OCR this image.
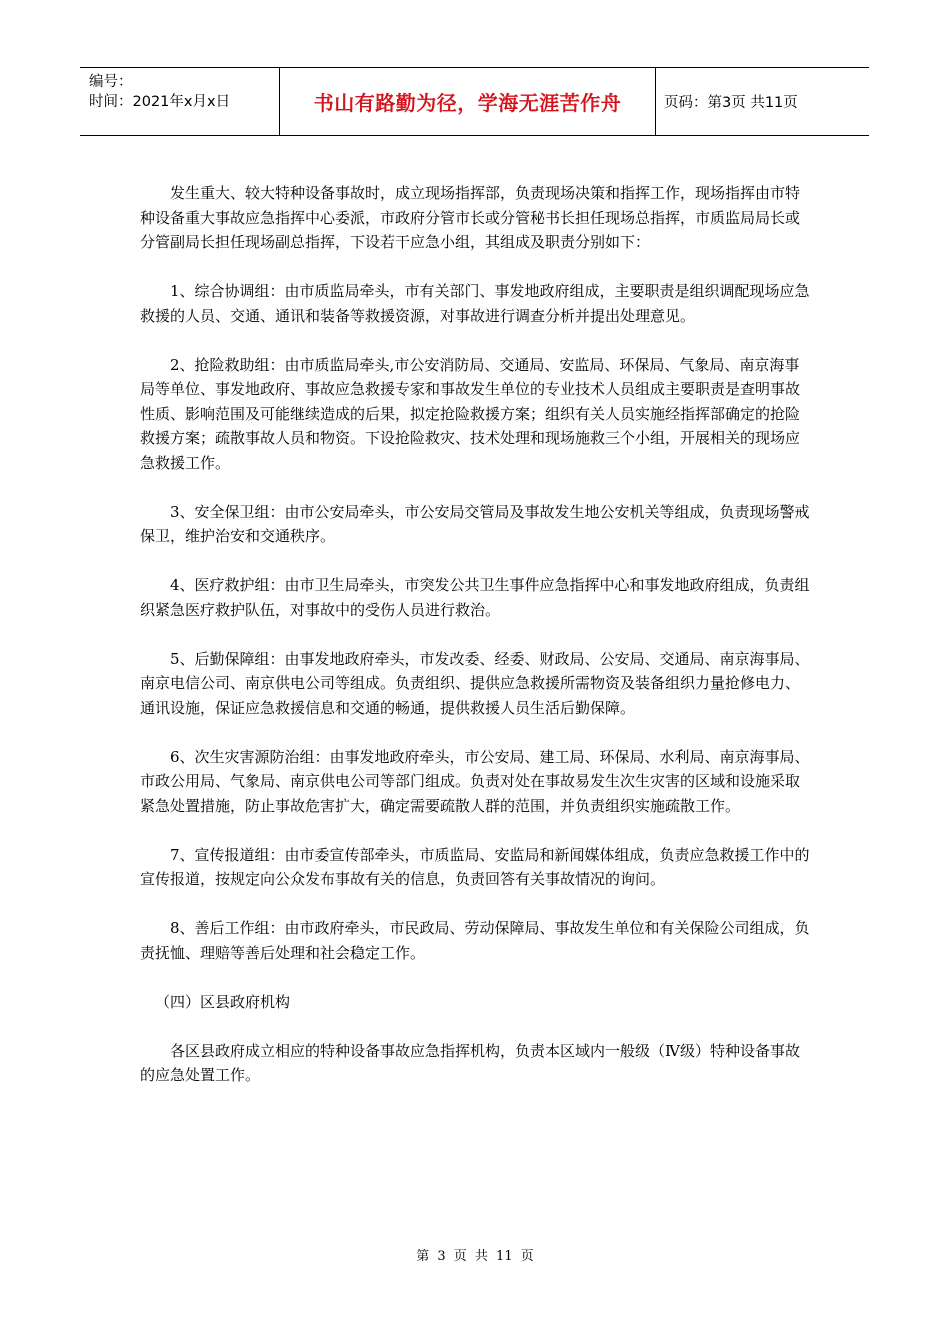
编号：
时间：2021年x月x日	书山有路勤为径，学海无涯苦作舟	页码：第3页 共11页

发生重大、较大特种设备事故时，成立现场指挥部，负责现场决策和指挥工作，现场指挥由市特种设备重大事故应急指挥中心委派，市政府分管市长或分管秘书长担任现场总指挥，市质监局局长或分管副局长担任现场副总指挥，下设若干应急小组，其组成及职责分别如下：

1、综合协调组：由市质监局牵头，市有关部门、事发地政府组成，主要职责是组织调配现场应急救援的人员、交通、通讯和装备等救援资源，对事故进行调查分析并提出处理意见。

2、抢险救助组：由市质监局牵头,市公安消防局、交通局、安监局、环保局、气象局、南京海事局等单位、事发地政府、事故应急救援专家和事故发生单位的专业技术人员组成主要职责是查明事故性质、影响范围及可能继续造成的后果，拟定抢险救援方案；组织有关人员实施经指挥部确定的抢险救援方案；疏散事故人员和物资。下设抢险救灾、技术处理和现场施救三个小组，开展相关的现场应急救援工作。

3、安全保卫组：由市公安局牵头，市公安局交管局及事故发生地公安机关等组成，负责现场警戒保卫，维护治安和交通秩序。

4、医疗救护组：由市卫生局牵头，市突发公共卫生事件应急指挥中心和事发地政府组成，负责组织紧急医疗救护队伍，对事故中的受伤人员进行救治。

5、后勤保障组：由事发地政府牵头，市发改委、经委、财政局、公安局、交通局、南京海事局、南京电信公司、南京供电公司等组成。负责组织、提供应急救援所需物资及装备组织力量抢修电力、通讯设施，保证应急救援信息和交通的畅通，提供救援人员生活后勤保障。

6、次生灾害源防治组：由事发地政府牵头，市公安局、建工局、环保局、水利局、南京海事局、市政公用局、气象局、南京供电公司等部门组成。负责对处在事故易发生次生灾害的区域和设施采取紧急处置措施，防止事故危害扩大，确定需要疏散人群的范围，并负责组织实施疏散工作。

7、宣传报道组：由市委宣传部牵头，市质监局、安监局和新闻媒体组成，负责应急救援工作中的宣传报道，按规定向公众发布事故有关的信息，负责回答有关事故情况的询问。

8、善后工作组：由市政府牵头，市民政局、劳动保障局、事故发生单位和有关保险公司组成，负责抚恤、理赔等善后处理和社会稳定工作。

（四）区县政府机构

各区县政府成立相应的特种设备事故应急指挥机构，负责本区域内一般级（Ⅳ级）特种设备事故的应急处置工作。

第 3 页 共 11 页
